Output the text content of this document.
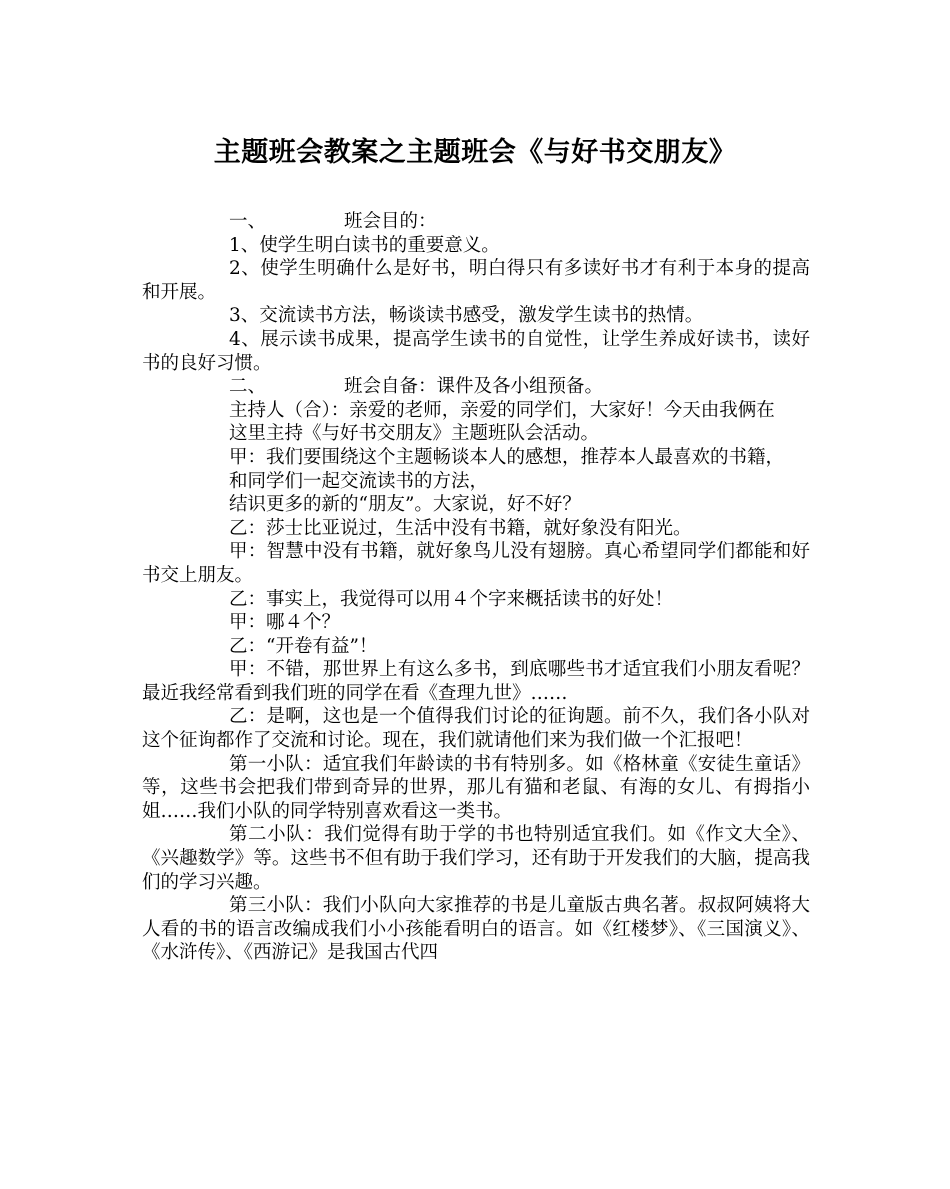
主题班会教案之主题班会《与好书交朋友》

一、	班会目的：

1、使学生明白读书的重要意义。

2、使学生明确什么是好书，明白得只有多读好书才有利于本身的提高和开展。

3、交流读书方法，畅谈读书感受，激发学生读书的热情。

4、展示读书成果，提高学生读书的自觉性，让学生养成好读书，读好书的良好习惯。

二、	班会自备：课件及各小组预备。

主持人（合）：亲爱的老师，亲爱的同学们，大家好！今天由我俩在

这里主持《与好书交朋友》主题班队会活动。

甲：我们要围绕这个主题畅谈本人的感想，推荐本人最喜欢的书籍，

和同学们一起交流读书的方法，

结识更多的新的“朋友”。大家说，好不好？

乙：莎士比亚说过，生活中没有书籍，就好象没有阳光。

甲：智慧中没有书籍，就好象鸟儿没有翅膀。真心希望同学们都能和好书交上朋友。

乙：事实上，我觉得可以用４个字来概括读书的好处！

甲：哪４个？

乙：“开卷有益”！

甲：不错，那世界上有这么多书，到底哪些书才适宜我们小朋友看呢？最近我经常看到我们班的同学在看《查理九世》……

乙：是啊，这也是一个值得我们讨论的征询题。前不久，我们各小队对这个征询都作了交流和讨论。现在，我们就请他们来为我们做一个汇报吧！

第一小队：适宜我们年龄读的书有特别多。如《格林童《安徒生童话》等，这些书会把我们带到奇异的世界，那儿有猫和老鼠、有海的女儿、有拇指小姐……我们小队的同学特别喜欢看这一类书。

第二小队：我们觉得有助于学的书也特别适宜我们。如《作文大全》、《兴趣数学》等。这些书不但有助于我们学习，还有助于开发我们的大脑，提高我们的学习兴趣。

第三小队：我们小队向大家推荐的书是儿童版古典名著。叔叔阿姨将大人看的书的语言改编成我们小小孩能看明白的语言。如《红楼梦》、《三国演义》、《水浒传》、《西游记》是我国古代四
